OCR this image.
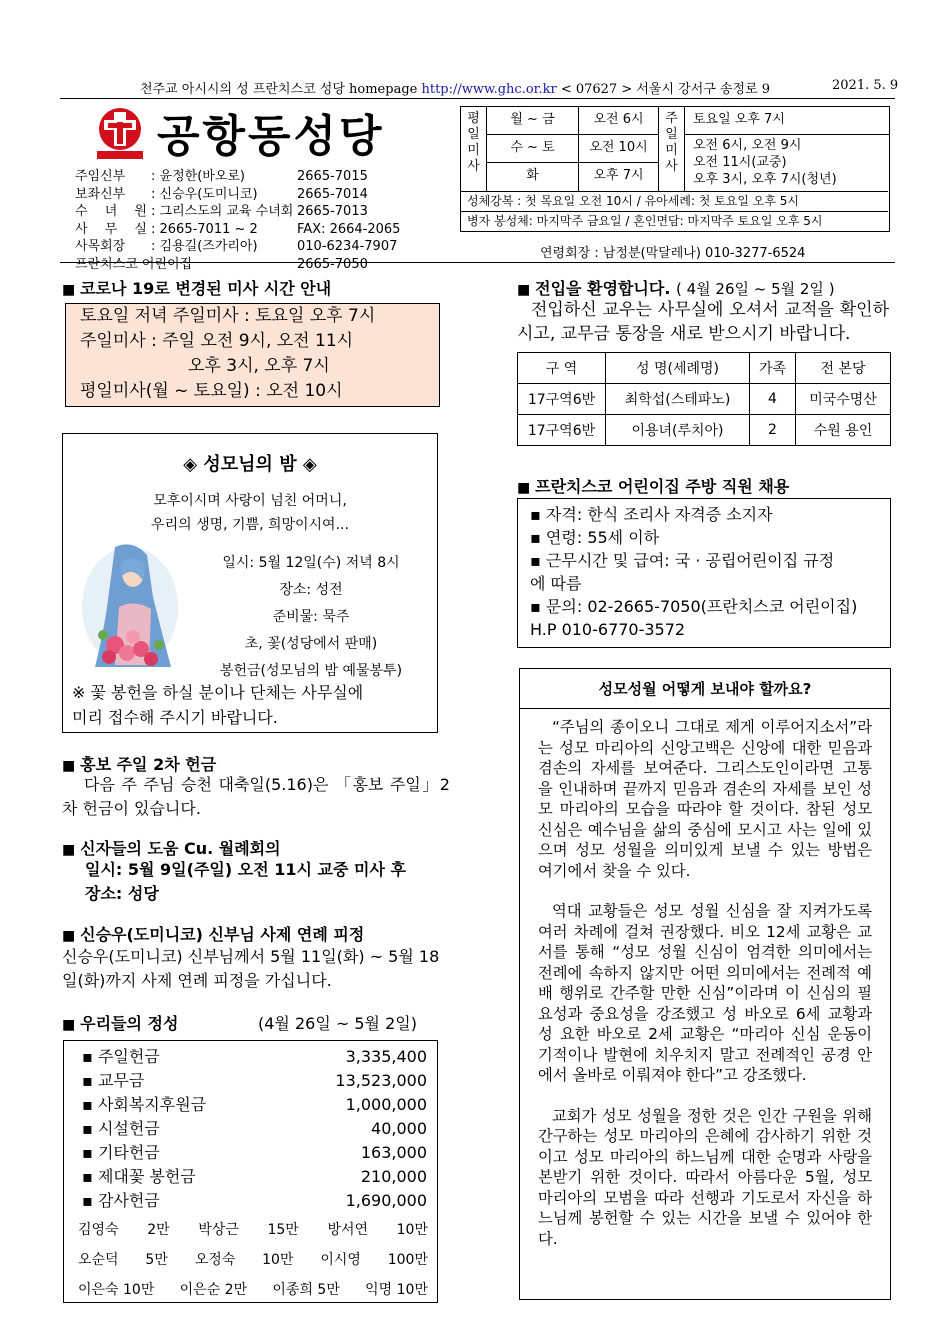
천주교 아시시의 성 프란치스코 성당 homepage http://www.ghc.or.kr < 07627 > 서울시 강서구 송정로 9	2021. 5. 9
공항동성당
주임신부	: 윤정한(바오로)	2665-7015
보좌신부	: 신승우(도미니코)	2665-7014
수 녀 원 : 그리스도의 교육 수녀회 2665-7013
사 무 실 : 2665-7011 ~ 2	FAX: 2664-2065
사목회장	: 김용길(즈가리아)	010-6234-7907
프란치스코 어린이집	2665-7050
평
일
미
사
월 ~ 금	오전 6시
수 ~ 토	오전 10시
화	오후 7시
주
일
미
사
토요일 오후 7시
오전 6시, 오전 9시
오전 11시(교중)
오후 3시, 오후 7시(청년)
성체강복 : 첫 목요일 오전 10시 / 유아세례: 첫 토요일 오후 5시
병자 봉성체: 마지막주 금요일 / 혼인면담: 마지막주 토요일 오후 5시
연령회장 : 남정분(막달레나) 010-3277-6524
■ 코로나 19로 변경된 미사 시간 안내
토요일 저녁 주일미사 : 토요일 오후 7시
주일미사 : 주일 오전 9시, 오전 11시
오후 3시, 오후 7시
평일미사(월 ~ 토요일) : 오전 10시
◈ 성모님의 밤 ◈
모후이시며 사랑이 넘친 어머니,
우리의 생명, 기쁨, 희망이시여...
일시: 5월 12일(수) 저녁 8시
장소: 성전
준비물: 묵주
초, 꽃(성당에서 판매)
봉헌금(성모님의 밤 예물봉투)
※ 꽃 봉헌을 하실 분이나 단체는 사무실에
미리 접수해 주시기 바랍니다.
■ 홍보 주일 2차 헌금
다음 주 주님 승천 대축일(5.16)은 「홍보 주일」2차 헌금이 있습니다.
■ 신자들의 도움 Cu. 월례회의
일시: 5월 9일(주일) 오전 11시 교중 미사 후
장소: 성당
■ 신승우(도미니코) 신부님 사제 연례 피정
신승우(도미니코) 신부님께서 5월 11일(화) ~ 5월 18일(화)까지 사제 연례 피정을 가십니다.
■ 우리들의 정성	(4월 26일 ~ 5월 2일)
▪ 주일헌금	3,335,400
▪ 교무금	13,523,000
▪ 사회복지후원금	1,000,000
▪ 시설헌금	40,000
▪ 기타헌금	163,000
▪ 제대꽃 봉헌금	210,000
▪ 감사헌금	1,690,000
김영숙 2만 박상근 15만 방서연 10만
오순덕 5만 오정숙 10만 이시영 100만
이은숙 10만 이은순 2만 이종희 5만 익명 10만
■ 전입을 환영합니다. ( 4월 26일 ~ 5월 2일 )
전입하신 교우는 사무실에 오셔서 교적을 확인하시고, 교무금 통장을 새로 받으시기 바랍니다.
구 역	성 명(세례명)	가족	전 본당
17구역6반	최학섭(스테파노)	4	미국수명산
17구역6반	이용녀(루치아)	2	수원 용인
■ 프란치스코 어린이집 주방 직원 채용
▪ 자격: 한식 조리사 자격증 소지자
▪ 연령: 55세 이하
▪ 근무시간 및 급여: 국 · 공립어린이집 규정
에 따름
▪ 문의: 02-2665-7050(프란치스코 어린이집)
H.P 010-6770-3572
성모성월 어떻게 보내야 할까요?

“주님의 종이오니 그대로 제게 이루어지소서”라는 성모 마리아의 신앙고백은 신앙에 대한 믿음과 겸손의 자세를 보여준다. 그리스도인이라면 고통을 인내하며 끝까지 믿음과 겸손의 자세를 보인 성모 마리아의 모습을 따라야 할 것이다. 참된 성모 신심은 예수님을 삶의 중심에 모시고 사는 일에 있으며 성모 성월을 의미있게 보낼 수 있는 방법은 여기에서 찾을 수 있다.

역대 교황들은 성모 성월 신심을 잘 지켜가도록 여러 차례에 걸쳐 권장했다. 비오 12세 교황은 교서를 통해 “성모 성월 신심이 엄격한 의미에서는 전례에 속하지 않지만 어떤 의미에서는 전례적 예배 행위로 간주할 만한 신심”이라며 이 신심의 필요성과 중요성을 강조했고 성 바오로 6세 교황과 성 요한 바오로 2세 교황은 “마리아 신심 운동이 기적이나 발현에 치우치지 말고 전례적인 공경 안에서 올바로 이뤄져야 한다”고 강조했다.

교회가 성모 성월을 정한 것은 인간 구원을 위해 간구하는 성모 마리아의 은혜에 감사하기 위한 것이고 성모 마리아의 하느님께 대한 순명과 사랑을 본받기 위한 것이다. 따라서 아름다운 5월, 성모 마리아의 모범을 따라 선행과 기도로서 자신을 하느님께 봉헌할 수 있는 시간을 보낼 수 있어야 한다.
